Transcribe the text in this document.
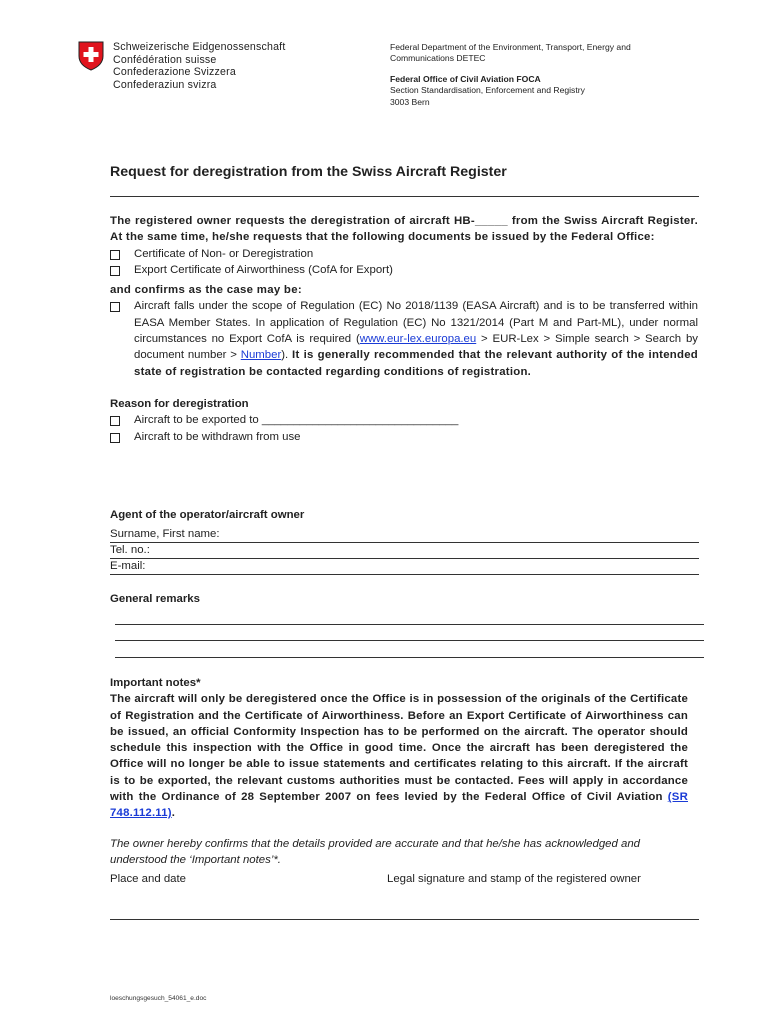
Schweizerische Eidgenossenschaft
Confédération suisse
Confederazione Svizzera
Confederaziun svizra
Federal Department of the Environment, Transport, Energy and
Communications DETEC
Federal Office of Civil Aviation FOCA
Section Standardisation, Enforcement and Registry
3003 Bern
Request for deregistration from the Swiss Aircraft Register
The registered owner requests the deregistration of aircraft HB-_____ from the Swiss Aircraft Register. At the same time, he/she requests that the following documents be issued by the Federal Office:
Certificate of Non- or Deregistration
Export Certificate of Airworthiness (CofA for Export)
and confirms as the case may be:
Aircraft falls under the scope of Regulation (EC) No 2018/1139 (EASA Aircraft) and is to be transferred within EASA Member States. In application of Regulation (EC) No 1321/2014 (Part M and Part-ML), under normal circumstances no Export CofA is required (www.eur-lex.europa.eu > EUR-Lex > Simple search > Search by document number > Number). It is generally recommended that the relevant authority of the intended state of registration be contacted regarding conditions of registration.
Reason for deregistration
Aircraft to be exported to _______________________________
Aircraft to be withdrawn from use
Agent of the operator/aircraft owner
Surname, First name:
Tel. no.:
E-mail:
General remarks
Important notes*
The aircraft will only be deregistered once the Office is in possession of the originals of the Certificate of Registration and the Certificate of Airworthiness. Before an Export Certificate of Airworthiness can be issued, an official Conformity Inspection has to be performed on the aircraft. The operator should schedule this inspection with the Office in good time. Once the aircraft has been deregistered the Office will no longer be able to issue statements and certificates relating to this aircraft. If the aircraft is to be exported, the relevant customs authorities must be contacted. Fees will apply in accordance with the Ordinance of 28 September 2007 on fees levied by the Federal Office of Civil Aviation (SR 748.112.11).
The owner hereby confirms that the details provided are accurate and that he/she has acknowledged and understood the ‘Important notes’*.
Place and date	Legal signature and stamp of the registered owner
loeschungsgesuch_54061_e.doc
